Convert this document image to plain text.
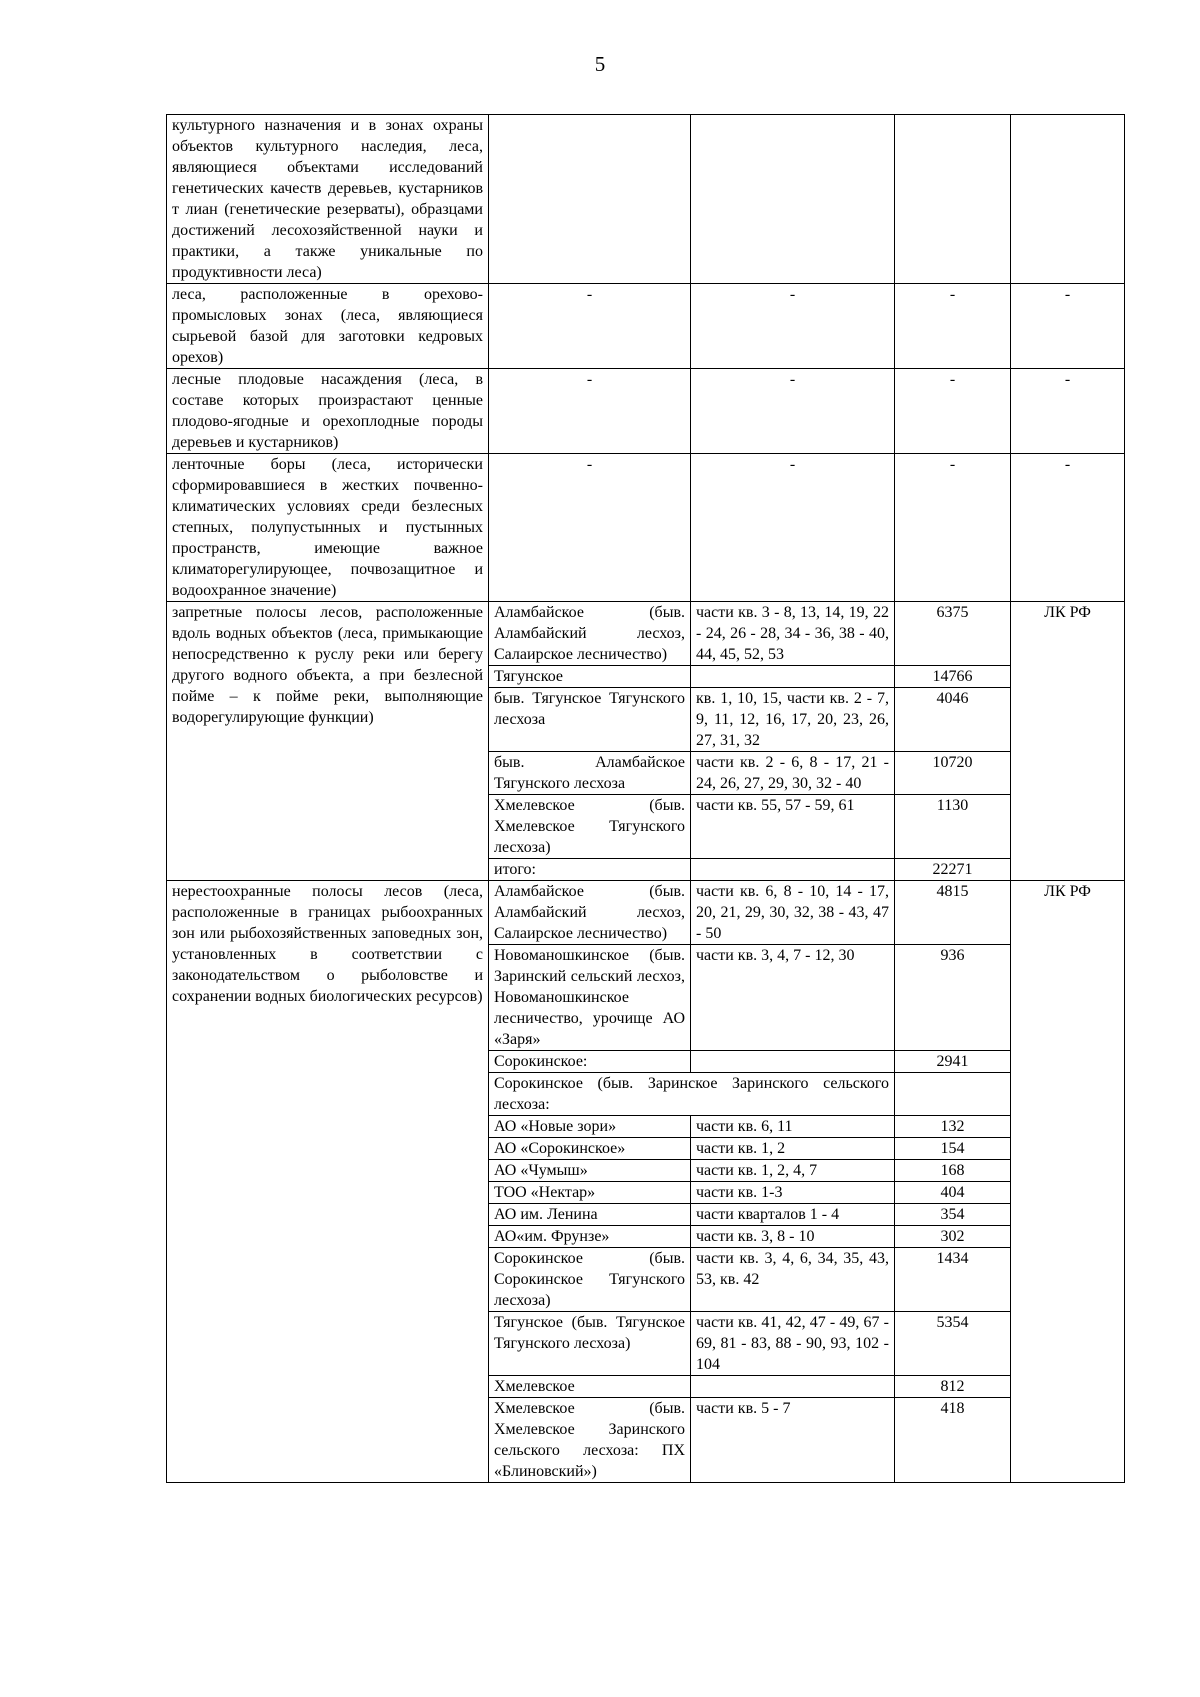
5
культурного назначения и в зонах охраны объектов культурного наследия, леса, являющиеся объектами исследований генетических качеств деревьев, кустарников т лиан (генетические резерваты), образцами достижений лесохозяйственной науки и практики, а также уникальные по продуктивности леса)				
леса, расположенные в орехово-промысловых зонах (леса, являющиеся сырьевой базой для заготовки кедровых орехов)	-	-	-	-
лесные плодовые насаждения (леса, в составе которых произрастают ценные плодово-ягодные и орехоплодные породы деревьев и кустарников)	-	-	-	-
ленточные боры (леса, исторически сформировавшиеся в жестких почвенно-климатических условиях среди безлесных степных, полупустынных и пустынных пространств, имеющие важное климаторегулирующее, почвозащитное и водоохранное значение)	-	-	-	-
запретные полосы лесов, расположенные вдоль водных объектов (леса, примыкающие непосредственно к руслу реки или берегу другого водного объекта, а при безлесной пойме – к пойме реки, выполняющие водорегулирующие функции)	Аламбайское (быв. Аламбайский лесхоз, Салаирское лесничество)	части кв. 3 - 8, 13, 14, 19, 22 - 24, 26 - 28, 34 - 36, 38 - 40, 44, 45, 52, 53	6375	ЛК РФ
	Тягунское		14766	
	быв. Тягунское Тягунского лесхоза	кв. 1, 10, 15, части кв. 2 - 7, 9, 11, 12, 16, 17, 20, 23, 26, 27, 31, 32	4046	
	быв. Аламбайское Тягунского лесхоза	части кв. 2 - 6, 8 - 17, 21 - 24, 26, 27, 29, 30, 32 - 40	10720	
	Хмелевское (быв. Хмелевское Тягунского лесхоза)	части кв. 55, 57 - 59, 61	1130	
	итого:		22271	
нерестоохранные полосы лесов (леса, расположенные в границах рыбоохранных зон или рыбохозяйственных заповедных зон, установленных в соответствии с законодательством о рыболовстве и сохранении водных биологических ресурсов)	Аламбайское (быв. Аламбайский лесхоз, Салаирское лесничество)	части кв. 6, 8 - 10, 14 - 17, 20, 21, 29, 30, 32, 38 - 43, 47 - 50	4815	ЛК РФ
	Новоманошкинское (быв. Заринский сельский лесхоз, Новоманошкинское лесничество, урочище АО «Заря»	части кв. 3, 4, 7 - 12, 30	936	
	Сорокинское:		2941	
	Сорокинское (быв. Заринское Заринского сельского лесхоза:			
	АО «Новые зори»	части кв. 6, 11	132	
	АО «Сорокинское»	части кв. 1, 2	154	
	АО «Чумыш»	части кв. 1, 2, 4, 7	168	
	ТОО «Нектар»	части кв. 1-3	404	
	АО им. Ленина	части кварталов 1 - 4	354	
	АО«им. Фрунзе»	части кв. 3, 8 - 10	302	
	Сорокинское (быв. Сорокинское Тягунского лесхоза)	части кв. 3, 4, 6, 34, 35, 43, 53, кв. 42	1434	
	Тягунское (быв. Тягунское Тягунского лесхоза)	части кв. 41, 42, 47 - 49, 67 - 69, 81 - 83, 88 - 90, 93, 102 - 104	5354	
	Хмелевское		812	
	Хмелевское (быв. Хмелевское Заринского сельского лесхоза: ПХ «Блиновский»)	части кв. 5 - 7	418	
